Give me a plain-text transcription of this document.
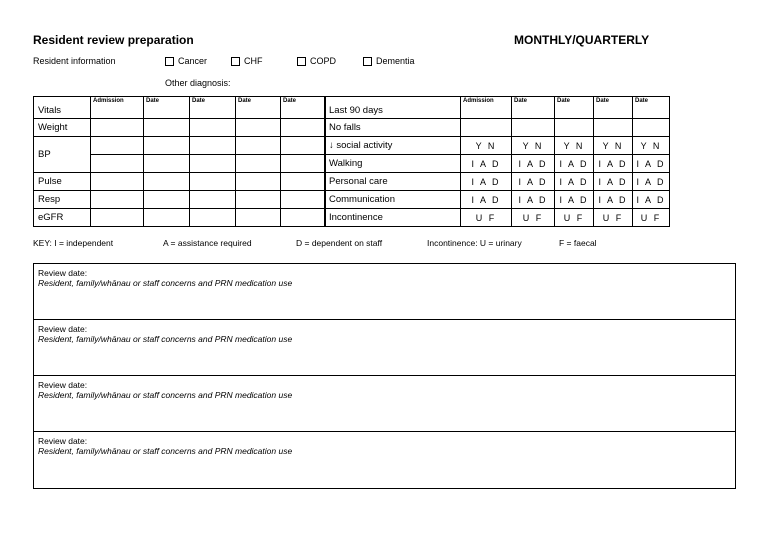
Resident review preparation	MONTHLY/QUARTERLY
Resident information	Cancer	CHF	COPD	Dementia
Other diagnosis:
Vitals	Admission	Date	Date	Date	Date
Weight					
BP					

Pulse					
Resp					
eGFR					
Last 90 days	Admission	Date	Date	Date	Date
No falls					
↓ social activity	Y N	Y N	Y N	Y N	Y N
Walking	I A D	I A D	I A D	I A D	I A D
Personal care	I A D	I A D	I A D	I A D	I A D
Communication	I A D	I A D	I A D	I A D	I A D
Incontinence	U F	U F	U F	U F	U F
KEY: I = independent	A = assistance required	D = dependent on staff	Incontinence: U = urinary	F = faecal
Review date:
Resident, family/whānau or staff concerns and PRN medication use
Review date:
Resident, family/whānau or staff concerns and PRN medication use
Review date:
Resident, family/whānau or staff concerns and PRN medication use
Review date:
Resident, family/whānau or staff concerns and PRN medication use
